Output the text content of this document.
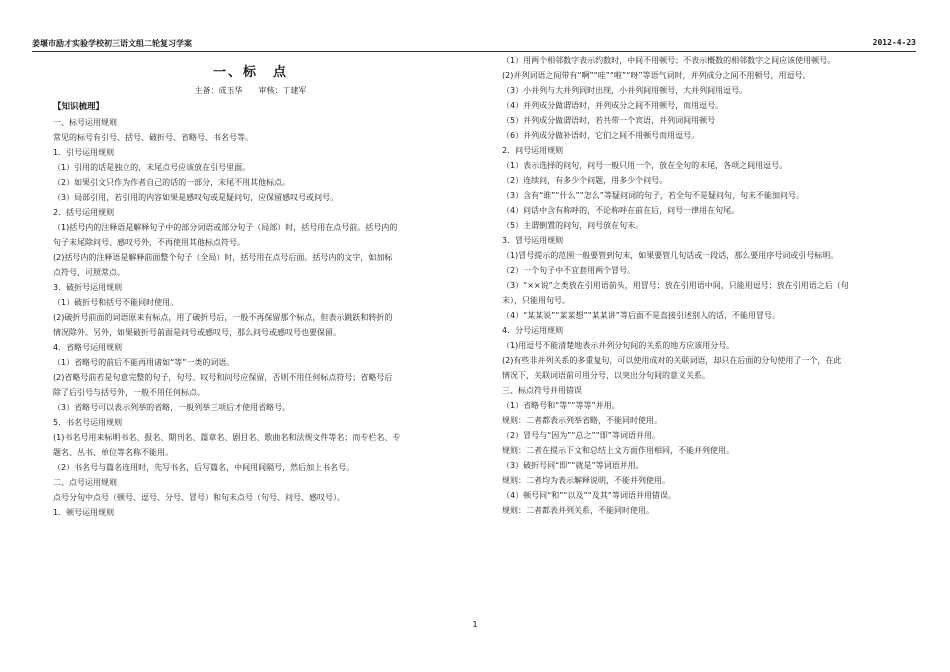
姜堰市励才实验学校初三语文组二轮复习学案	2012-4-23
一、标　点
主备：成玉华　　审核：丁建军
【知识梳理】
一、标号运用规则
常见的标号有引号、括号、破折号、省略号、书名号等。
1．引号运用规则
（1）引用的话是独立的，末尾点号应该放在引号里面。
（2）如果引文只作为作者自己的话的一部分，末尾不用其他标点。
（3）局部引用，若引用的内容如果是感叹句或是疑问句，应保留感叹号或问号。
2．括号运用规则
（1)括号内的注释语是解释句子中的部分词语或部分句子（局部）时，括号用在点号前。括号内的
句子末尾除问号、感叹号外，不再使用其他标点符号。
(2)括号内的注释语是解释前面整个句子（全局）时，括号用在点号后面。括号内的文字，如加标
点符号，可照常点。
3．破折号运用规则
（1）破折号和括号不能同时使用。
(2)破折号前面的词语原来有标点，用了破折号后，一般不再保留那个标点，但表示跳跃和转折的
情况除外。另外，如果破折号前面是问号或感叹号，那么问号或感叹号也要保留。
4．省略号运用规则
（1）省略号的前后不能再用诸如“等”一类的词语。
(2)省略号前若是句意完整的句子，句号、叹号和问号应保留，否则不用任何标点符号；省略号后
除了后引号与括号外，一般不用任何标点。
（3）省略号可以表示列举的省略，一般列举三项后才使用省略号。
5．书名号运用规则
(1)书名号用来标明书名、报名、期刊名、篇章名、剧目名、歌曲名和法规文件等名；而专栏名、专
题名、丛书、单位等名称不能用。
（2）书名号与篇名连用时，先写书名，后写篇名，中间用间隔号，然后加上书名号。
二、点号运用规则
点号分句中点号（顿号、逗号、分号、冒号）和句末点号（句号、问号、感叹号）。
1．顿号运用规则
（1）用两个相邻数字表示约数时，中间不用顿号；不表示概数的相邻数字之间应该使用顿号。
(2)并列词语之间带有“啊”“哇”“啦”“呀”等语气词时，并列成分之间不用顿号，用逗号。
（3）小并列与大并列同时出现，小并列间用顿号，大并列间用逗号。
（4）并列成分做谓语时，并列成分之间不用顿号，而用逗号。
（5）并列成分做谓语时，若共带一个宾语，并列词间用顿号
（6）并列成分做补语时，它们之间不用顿号而用逗号。
2．问号运用规则
（1）表示选择的问句，问号一般只用一个，放在全句的末尾，各项之间用逗号。
（2）连续问，有多少个问题，用多少个问号。
（3）含有“谁”“什么”“怎么”等疑问词的句子，若全句不是疑问句，句末不能加问号。
（4）问话中含有称呼的，不论称呼在前在后，问号一律用在句尾。
（5）主谓倒置的问句，问号放在句末。
3．冒号运用规则
（1)冒号提示的范围一般要管到句末，如果要管几句话或一段话，那么要用序号词或引号标明。
（2）一个句子中不宜套用两个冒号。
（3）“××说”之类放在引用语前头，用冒号；放在引用语中间，只能用逗号；放在引用语之后（句
末），只能用句号。
（4）“某某说”“某某想”“某某讲”等后面不是直接引述别人的话，不能用冒号。
4．分号运用规则
（1)用逗号不能清楚地表示并列分句间的关系的地方应该用分号。
(2)有些非并列关系的多重复句，可以使用成对的关联词语，却只在后面的分句使用了一个，在此
情况下，关联词语前可用分号，以突出分句间的意义关系。
三、标点符号并用错误
（1）省略号和“等”“等等”并用。
规则：二者都表示列举省略，不能同时使用。
（2）冒号与“因为”“总之”“即”等词语并用。
规则：二者在提示下文和总结上文方面作用相同，不能并列使用。
（3）破折号同“即”“就是”等词语并用。
规则：二者均为表示解释说明，不能并列使用。
（4）顿号同“和”“以及”“及其”等词语并用错误。
规则：二者都表并列关系，不能同时使用。
1
